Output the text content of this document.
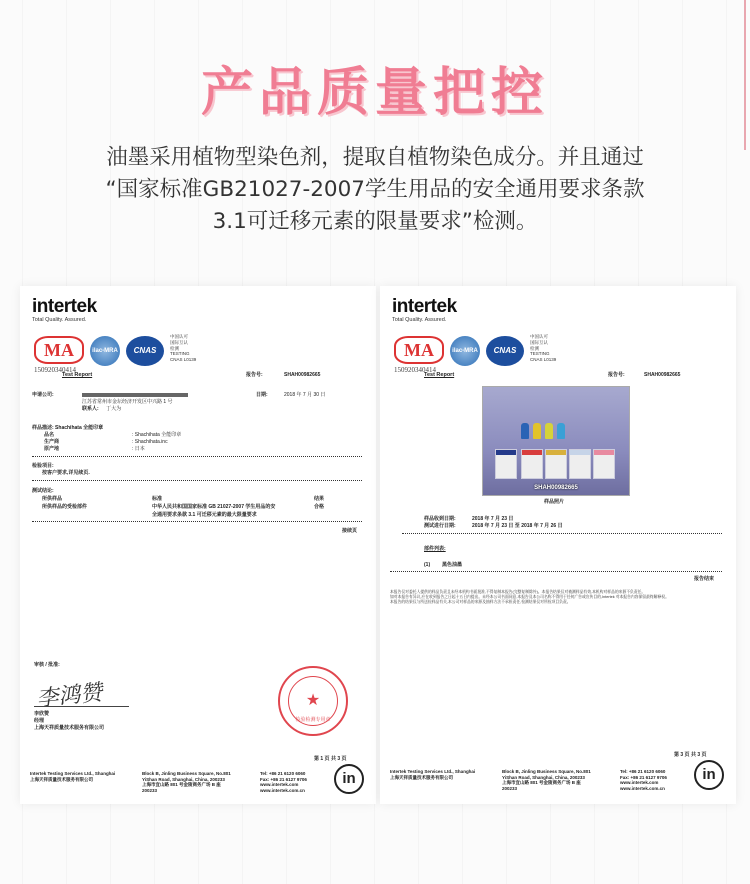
产品质量把控
油墨采用植物型染色剂，提取自植物染色成分。并且通过
“国家标准GB21027-2007学生用品的安全通用要求条款
3.1可迁移元素的限量要求”检测。
intertek
Total Quality. Assured.
MA
150920340414
ilac-MRA	CNAS
中国认可
国际互认
检测
TESTING
CNAS L0139
Test Report	报告号:	SHAH00982665
申请公司:
江苏省常州市金坛经济开发区中兴路 1 号
联系人: 丁大为
日期:	2018 年 7 月 30 日
样品描述: Shachihata 全能印章
品名	: Shachihata 全能印章
生产商	: Shachihata.inc
原产地	: 日本
检验项目:
按客户要求,详见续页.
测试结论:
所供样品	标准	结果
所供样品的受检部件	中华人民共和国国家标准 GB 21027-2007 学生用品的安
全通用要求条款 3.1 可迁移元素的最大限量要求
合格
接续页
审核 / 批准:
李鸿赞
李欣赞
经理
上海天祥质量技术服务有限公司
★
检验检测专用章
第 1 页 共 3 页
Intertek Testing Services Ltd., Shanghai
上海天祥质量技术服务有限公司
Block B, Jinling Business Square, No.801 YiShan Road, Shanghai, China, 200233
上海市宜山路 801 号金陵商务广场 B 座 200233
Tel: +86 21 6120 6060
Fax: +86 21 6127 9706
www.intertek.com
www.intertek.com.cn
in
intertek
Total Quality. Assured.
MA
150920340414
ilac-MRA	CNAS
中国认可
国际互认
检测
TESTING
CNAS L0139
Test Report	报告号:	SHAH00982665
SHAH00982665
样品照片
样品收到日期:	2018 年 7 月 23 日
测试进行日期:	2018 年 7 月 23 日 至 2018 年 7 月 26 日
部件列表:
(1) 黑色油墨
报告结束
本报告仅对委托人提供的样品负责且未经本机构书面批准,不得复制本报告(完整复制除外)。本报告结果仅对被测样品有效,本机构对样品的来源不负责任。
如对本报告有异议,应在收到报告之日起十五日内提出。未经本公司书面同意,本报告及本公司名称不得用于任何广告或宣传目的,Intertek 对本报告内容保留最终解释权。
本报告的结果仅与所送检样品有关,本公司对样品的来源及抽样方法不承担责任,检测结果仅对所检项目负责。
第 3 页 共 3 页
Intertek Testing Services Ltd., Shanghai
上海天祥质量技术服务有限公司
Block B, Jinling Business Square, No.801 YiShan Road, Shanghai, China, 200233
上海市宜山路 801 号金陵商务广场 B 座 200233
Tel: +86 21 6120 6060
Fax: +86 21 6127 9706
www.intertek.com
www.intertek.com.cn
in
